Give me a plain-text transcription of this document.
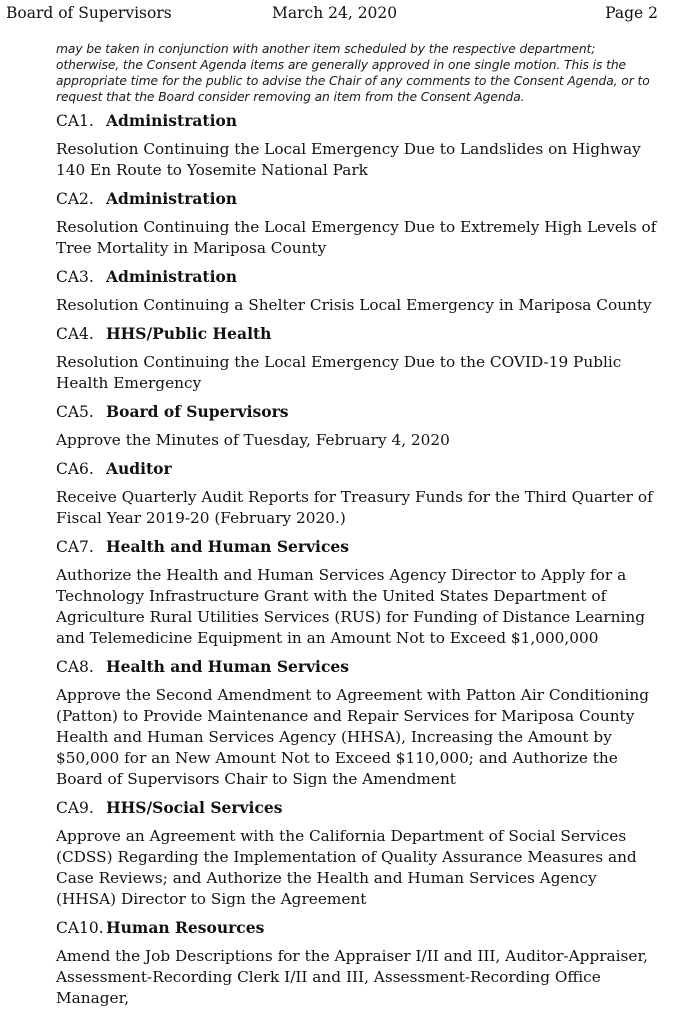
Board of Supervisors	March 24, 2020	Page 2

may be taken in conjunction with another item scheduled by the respective department; otherwise, the Consent Agenda items are generally approved in one single motion. This is the appropriate time for the public to advise the Chair of any comments to the Consent Agenda, or to request that the Board consider removing an item from the Consent Agenda.

CA1. Administration
Resolution Continuing the Local Emergency Due to Landslides on Highway 140 En Route to Yosemite National Park
CA2. Administration
Resolution Continuing the Local Emergency Due to Extremely High Levels of Tree Mortality in Mariposa County
CA3. Administration
Resolution Continuing a Shelter Crisis Local Emergency in Mariposa County
CA4. HHS/Public Health
Resolution Continuing the Local Emergency Due to the COVID-19 Public Health Emergency
CA5. Board of Supervisors
Approve the Minutes of Tuesday, February 4, 2020
CA6. Auditor
Receive Quarterly Audit Reports for Treasury Funds for the Third Quarter of Fiscal Year 2019-20 (February 2020.)
CA7. Health and Human Services
Authorize the Health and Human Services Agency Director to Apply for a Technology Infrastructure Grant with the United States Department of Agriculture Rural Utilities Services (RUS) for Funding of Distance Learning and Telemedicine Equipment in an Amount Not to Exceed $1,000,000
CA8. Health and Human Services
Approve the Second Amendment to Agreement with Patton Air Conditioning (Patton) to Provide Maintenance and Repair Services for Mariposa County Health and Human Services Agency (HHSA), Increasing the Amount by $50,000 for an New Amount Not to Exceed $110,000; and Authorize the Board of Supervisors Chair to Sign the Amendment
CA9. HHS/Social Services
Approve an Agreement with the California Department of Social Services (CDSS) Regarding the Implementation of Quality Assurance Measures and Case Reviews; and Authorize the Health and Human Services Agency (HHSA) Director to Sign the Agreement
CA10. Human Resources
Amend the Job Descriptions for the Appraiser I/II and III, Auditor-Appraiser, Assessment-Recording Clerk I/II and III, Assessment-Recording Office Manager,
